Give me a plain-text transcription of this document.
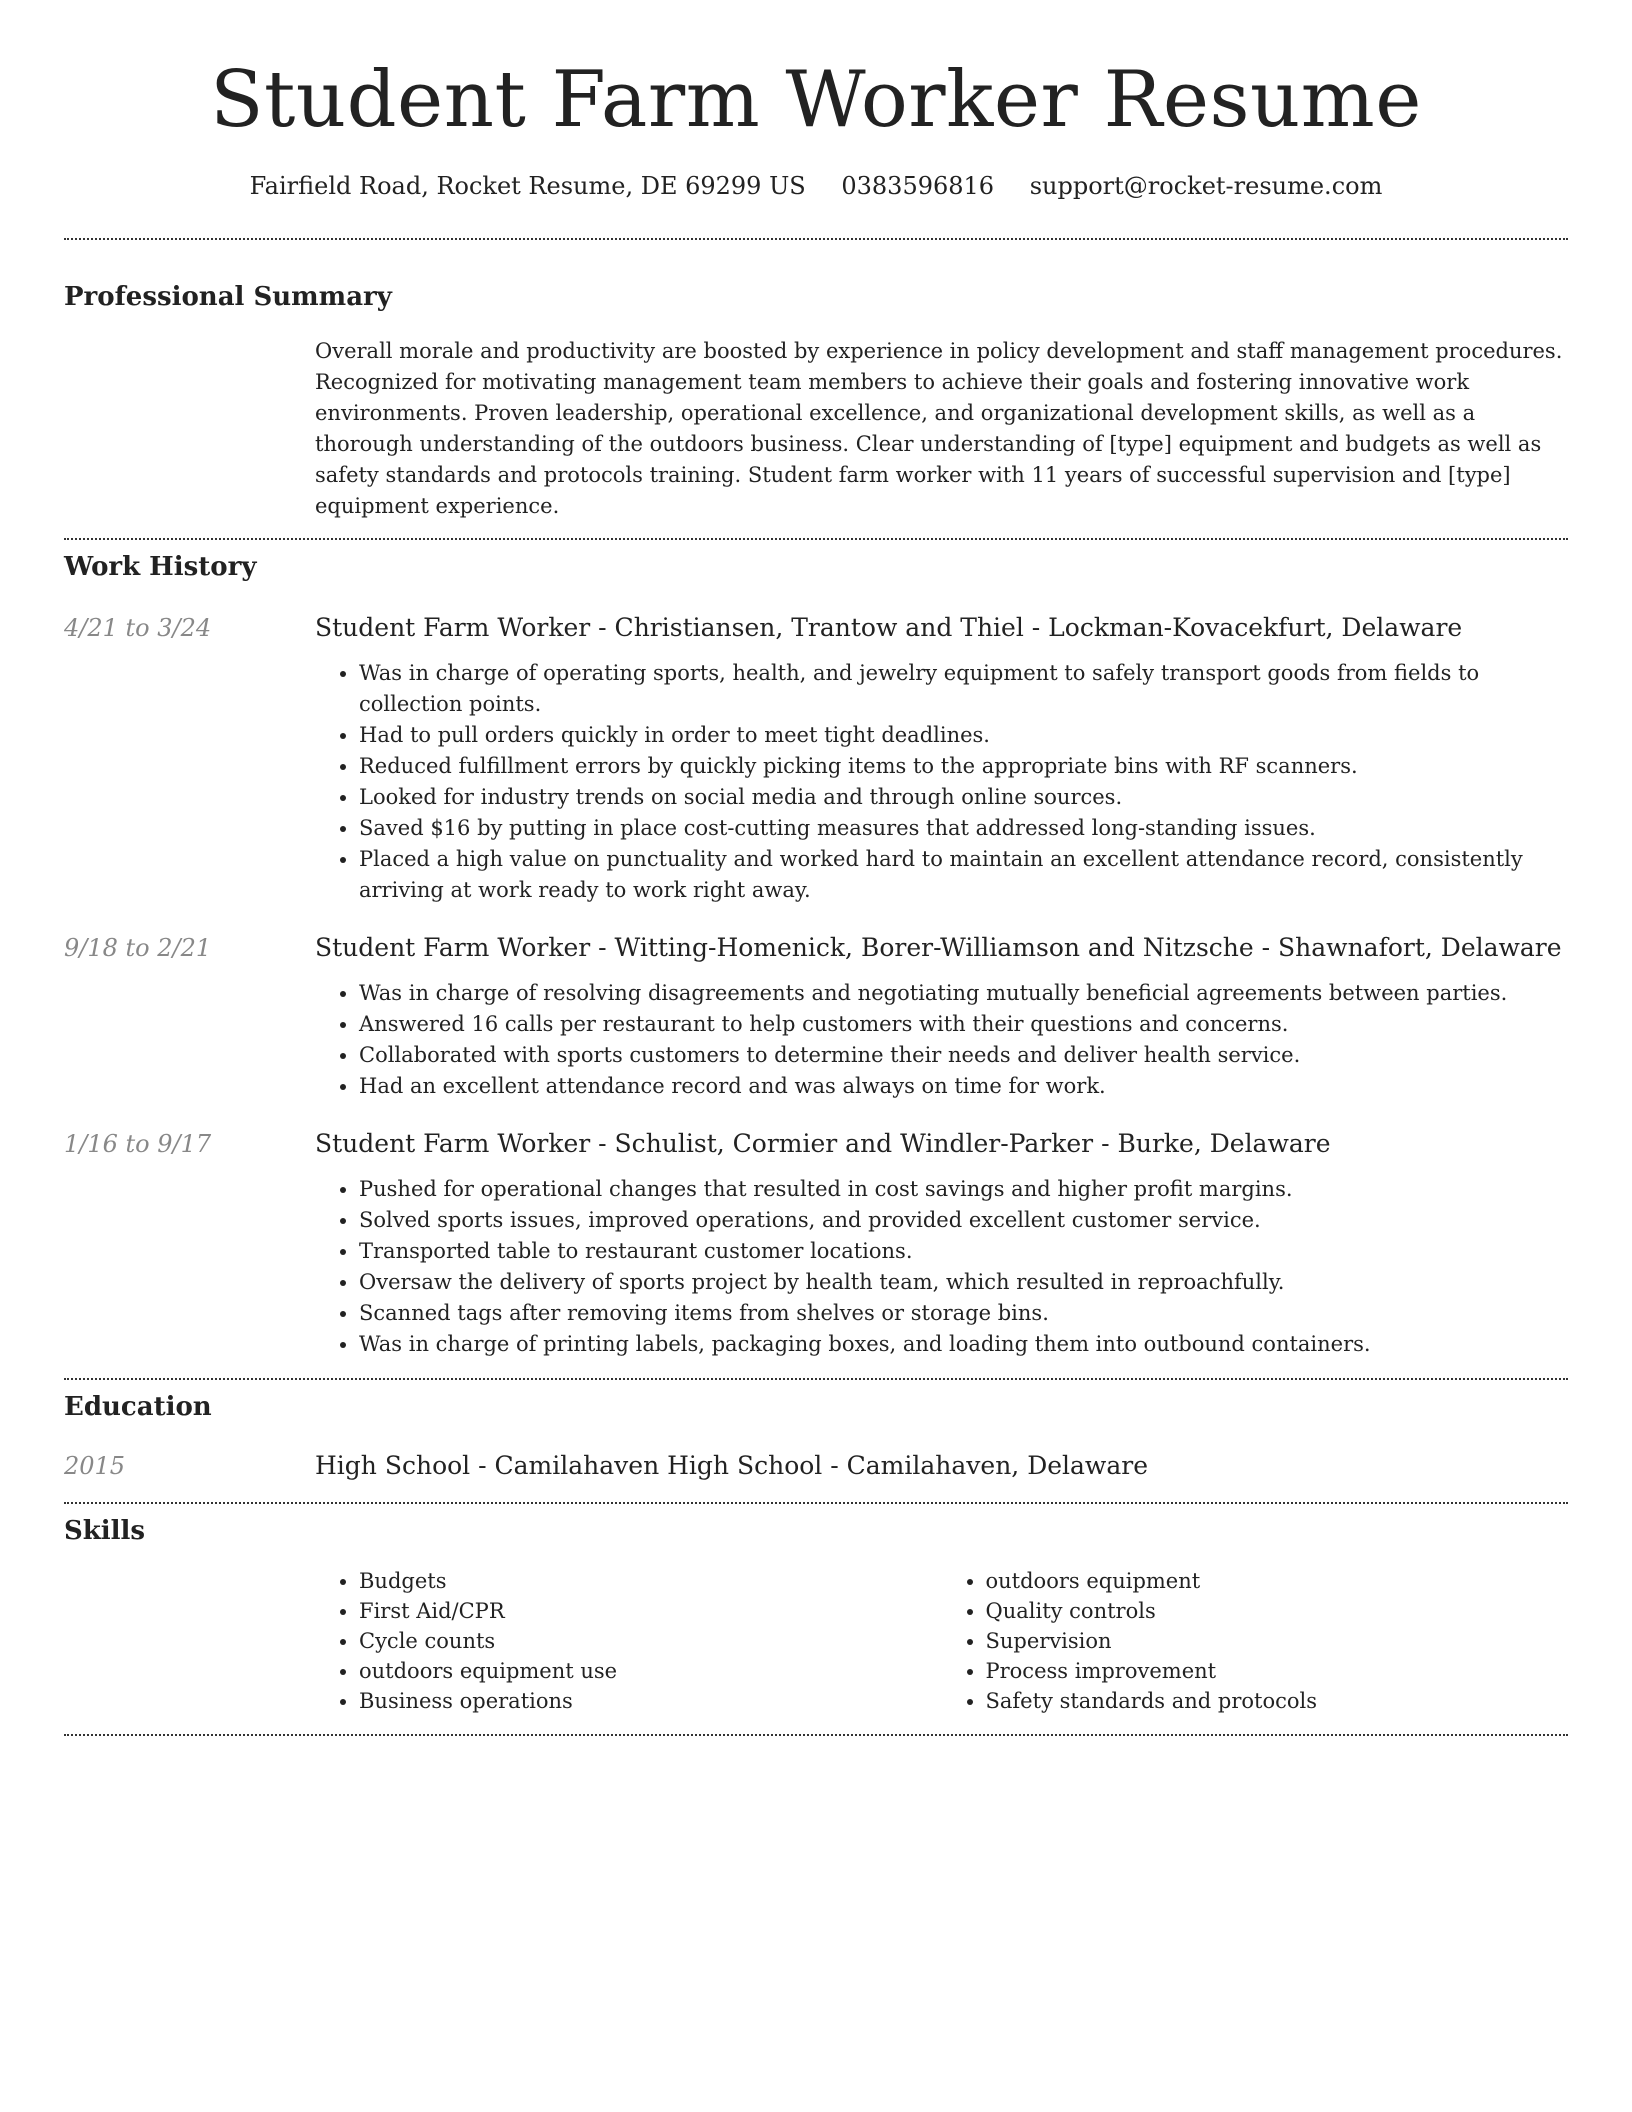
Student Farm Worker Resume
Fairfield Road, Rocket Resume, DE 69299 US 0383596816 support@rocket-resume.com
Professional Summary

Overall morale and productivity are boosted by experience in policy development and staff management procedures. Recognized for motivating management team members to achieve their goals and fostering innovative work environments. Proven leadership, operational excellence, and organizational development skills, as well as a thorough understanding of the outdoors business. Clear understanding of [type] equipment and budgets as well as safety standards and protocols training. Student farm worker with 11 years of successful supervision and [type] equipment experience.

Work History
4/21 to 3/24	Student Farm Worker - Christiansen, Trantow and Thiel - Lockman-Kovacekfurt, Delaware
• Was in charge of operating sports, health, and jewelry equipment to safely transport goods from fields to collection points.
• Had to pull orders quickly in order to meet tight deadlines.
• Reduced fulfillment errors by quickly picking items to the appropriate bins with RF scanners.
• Looked for industry trends on social media and through online sources.
• Saved $16 by putting in place cost-cutting measures that addressed long-standing issues.
• Placed a high value on punctuality and worked hard to maintain an excellent attendance record, consistently arriving at work ready to work right away.
9/18 to 2/21	Student Farm Worker - Witting-Homenick, Borer-Williamson and Nitzsche - Shawnafort, Delaware
• Was in charge of resolving disagreements and negotiating mutually beneficial agreements between parties.
• Answered 16 calls per restaurant to help customers with their questions and concerns.
• Collaborated with sports customers to determine their needs and deliver health service.
• Had an excellent attendance record and was always on time for work.
1/16 to 9/17	Student Farm Worker - Schulist, Cormier and Windler-Parker - Burke, Delaware
• Pushed for operational changes that resulted in cost savings and higher profit margins.
• Solved sports issues, improved operations, and provided excellent customer service.
• Transported table to restaurant customer locations.
• Oversaw the delivery of sports project by health team, which resulted in reproachfully.
• Scanned tags after removing items from shelves or storage bins.
• Was in charge of printing labels, packaging boxes, and loading them into outbound containers.
Education
2015	High School - Camilahaven High School - Camilahaven, Delaware
Skills
• Budgets
• First Aid/CPR
• Cycle counts
• outdoors equipment use
• Business operations
• outdoors equipment
• Quality controls
• Supervision
• Process improvement
• Safety standards and protocols
